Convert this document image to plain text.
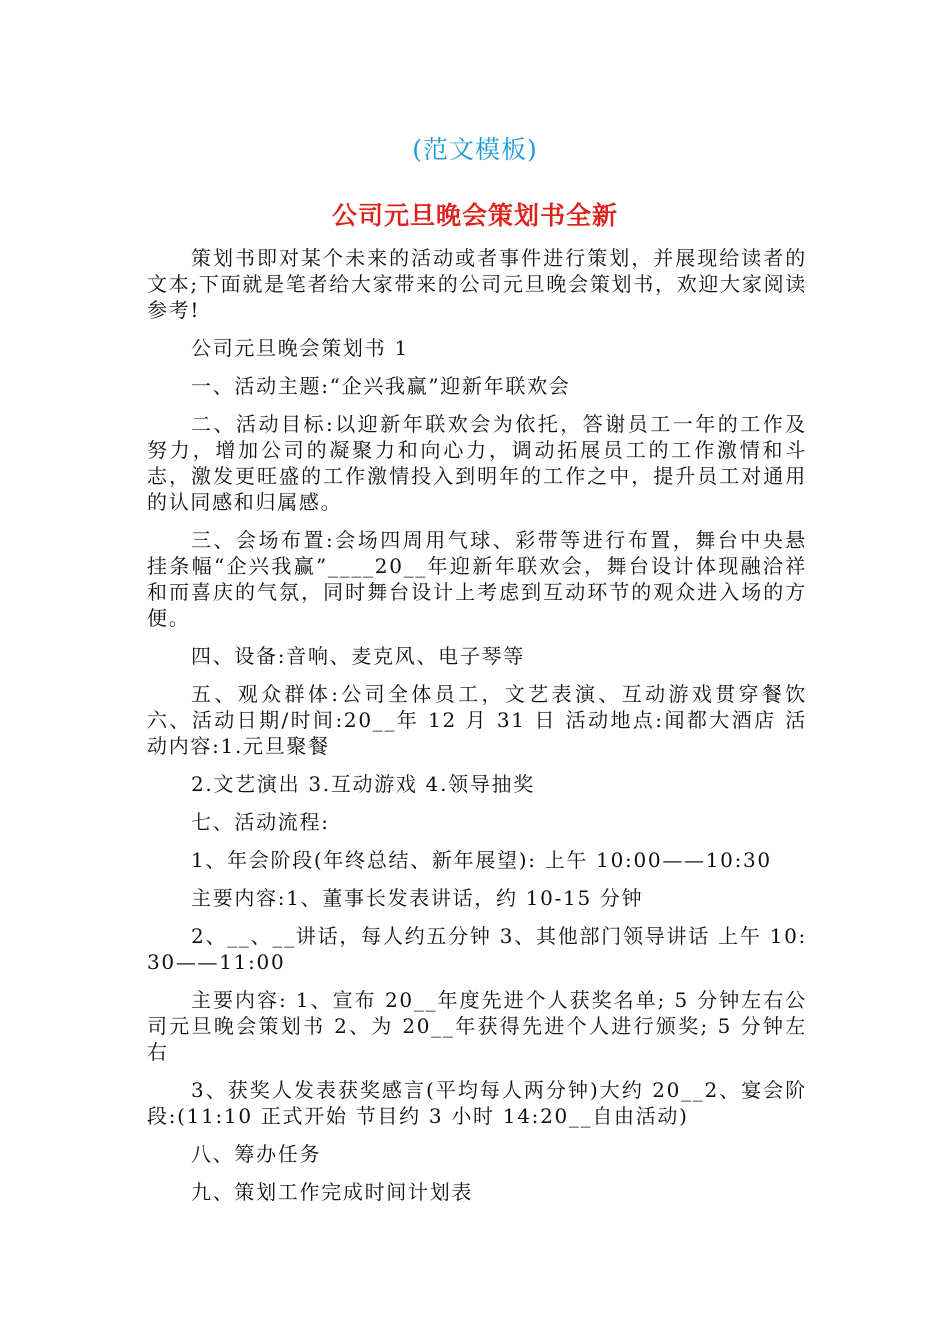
(范文模板)
公司元旦晚会策划书全新

策划书即对某个未来的活动或者事件进行策划，并展现给读者的文本;下面就是笔者给大家带来的公司元旦晚会策划书，欢迎大家阅读参考!

公司元旦晚会策划书 1

一、活动主题:“企兴我赢”迎新年联欢会

二、活动目标:以迎新年联欢会为依托，答谢员工一年的工作及努力，增加公司的凝聚力和向心力，调动拓展员工的工作激情和斗志，激发更旺盛的工作激情投入到明年的工作之中，提升员工对通用的认同感和归属感。

三、会场布置:会场四周用气球、彩带等进行布置，舞台中央悬挂条幅“企兴我赢”____20__年迎新年联欢会，舞台设计体现融洽祥和而喜庆的气氛，同时舞台设计上考虑到互动环节的观众进入场的方便。

四、设备:音响、麦克风、电子琴等

五、观众群体:公司全体员工，文艺表演、互动游戏贯穿餐饮六、活动日期/时间:20__年 12 月 31 日 活动地点:闻都大酒店 活动内容:1.元旦聚餐

2.文艺演出 3.互动游戏 4.领导抽奖

七、活动流程:

1、年会阶段(年终总结、新年展望): 上午 10:00——10:30

主要内容:1、董事长发表讲话，约 10-15 分钟

2、__、__讲话，每人约五分钟 3、其他部门领导讲话 上午 10:30——11:00

主要内容: 1、宣布 20__年度先进个人获奖名单; 5 分钟左右公司元旦晚会策划书 2、为 20__年获得先进个人进行颁奖; 5 分钟左右

3、获奖人发表获奖感言(平均每人两分钟)大约 20__2、宴会阶段:(11:10 正式开始 节目约 3 小时 14:20__自由活动)

八、筹办任务

九、策划工作完成时间计划表
